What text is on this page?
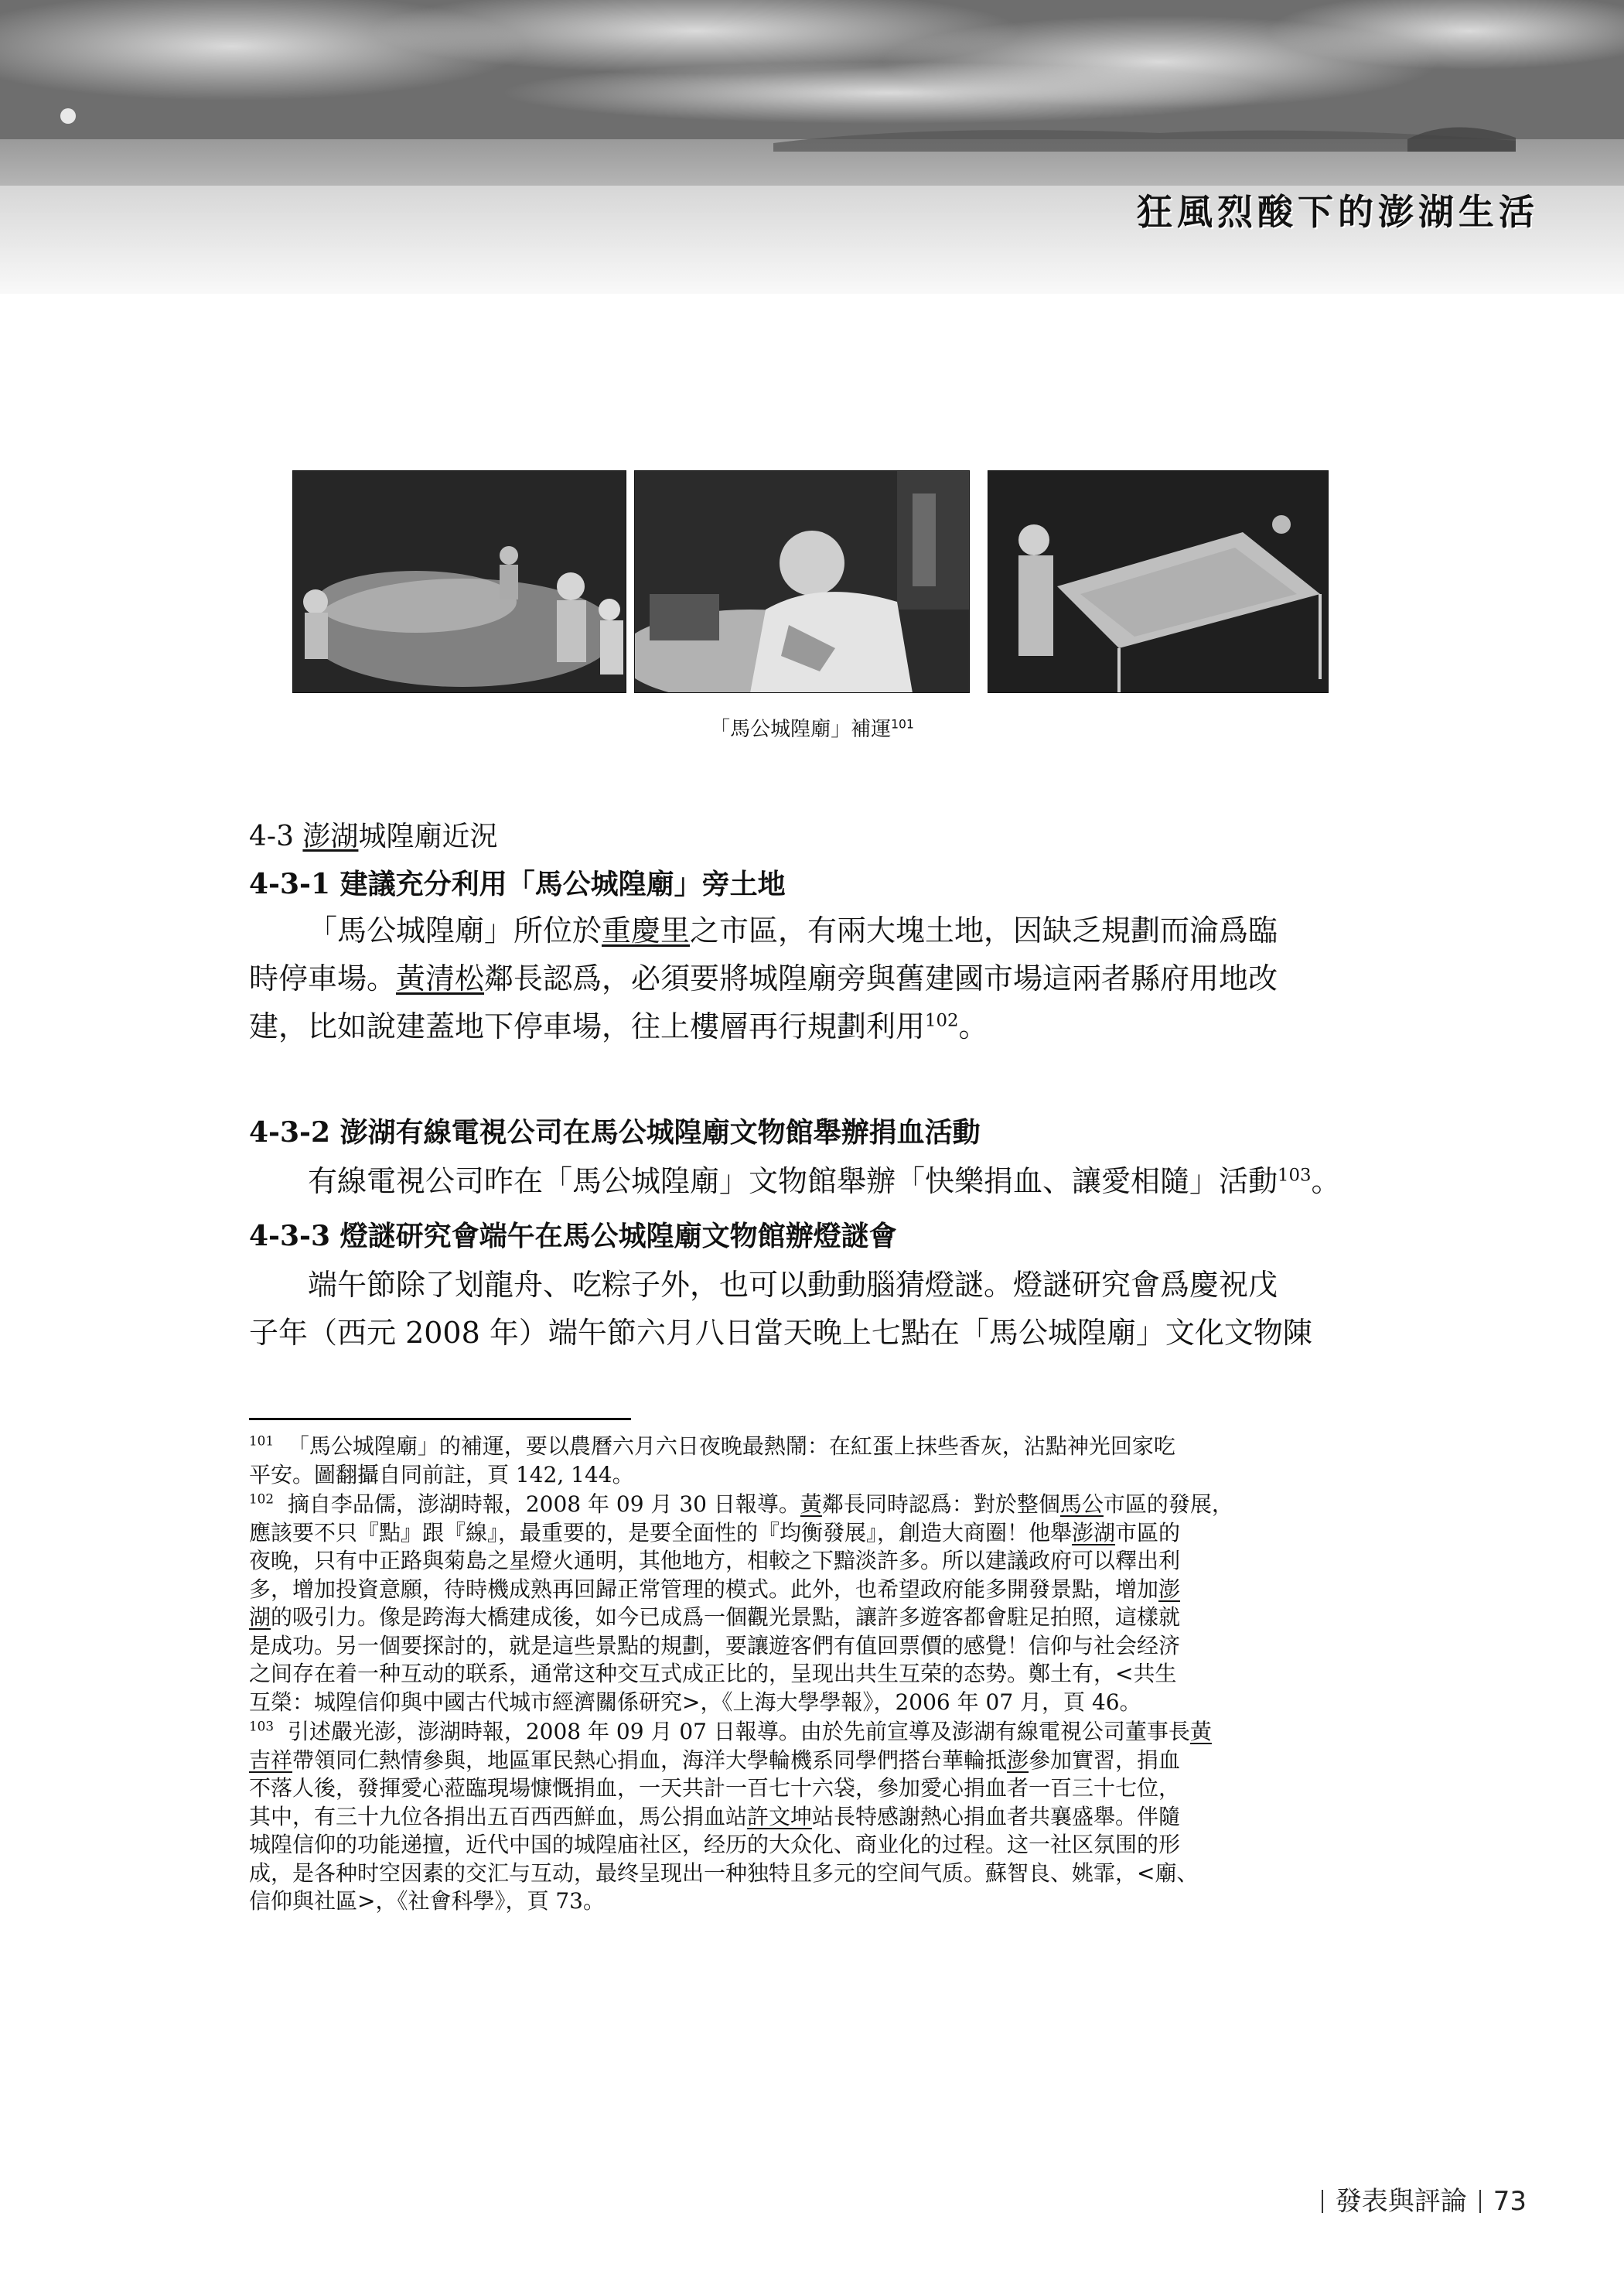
狂風烈酸下的澎湖生活
「馬公城隍廟」補運$^{101}$
4-3 澎湖城隍廟近況
4-3-1 建議充分利用「馬公城隍廟」旁土地
「馬公城隍廟」所位於重慶里之市區，有兩大塊土地，因缺乏規劃而淪爲臨
時停車場。黃清松鄰長認爲，必須要將城隍廟旁與舊建國市場這兩者縣府用地改
建，比如說建蓋地下停車場，往上樓層再行規劃利用$^{102}$。
4-3-2 澎湖有線電視公司在馬公城隍廟文物館舉辦捐血活動
有線電視公司昨在「馬公城隍廟」文物館舉辦「快樂捐血、讓愛相隨」活動$^{103}$。
4-3-3 燈謎研究會端午在馬公城隍廟文物館辦燈謎會
端午節除了划龍舟、吃粽子外，也可以動動腦猜燈謎。燈謎研究會爲慶祝戊
子年（西元 2008 年）端午節六月八日當天晚上七點在「馬公城隍廟」文化文物陳
$^{101}$ 「馬公城隍廟」的補運，要以農曆六月六日夜晚最熱鬧：在紅蛋上抹些香灰，沾點神光回家吃
平安。圖翻攝自同前註，頁 142, 144。
$^{102}$ 摘自李品儒，澎湖時報，2008 年 09 月 30 日報導。黃鄰長同時認爲：對於整個馬公市區的發展，
應該要不只『點』跟『線』，最重要的，是要全面性的『均衡發展』，創造大商圈！他舉澎湖市區的
夜晚，只有中正路與菊島之星燈火通明，其他地方，相較之下黯淡許多。所以建議政府可以釋出利
多，增加投資意願，待時機成熟再回歸正常管理的模式。此外，也希望政府能多開發景點，增加澎
湖的吸引力。像是跨海大橋建成後，如今已成爲一個觀光景點，讓許多遊客都會駐足拍照，這樣就
是成功。另一個要探討的，就是這些景點的規劃，要讓遊客們有值回票價的感覺！信仰与社会经济
之间存在着一种互动的联系，通常这种交互式成正比的，呈现出共生互荣的态势。鄭土有，<共生
互榮：城隍信仰與中國古代城市經濟關係研究>，《上海大學學報》，2006 年 07 月，頁 46。
$^{103}$ 引述嚴光澎，澎湖時報，2008 年 09 月 07 日報導。由於先前宣導及澎湖有線電視公司董事長黃
吉祥帶領同仁熱情參與，地區軍民熱心捐血，海洋大學輪機系同學們搭台華輪抵澎參加實習，捐血
不落人後，發揮愛心蒞臨現場慷慨捐血，一天共計一百七十六袋，參加愛心捐血者一百三十七位，
其中，有三十九位各捐出五百西西鮮血，馬公捐血站許文坤站長特感謝熱心捐血者共襄盛舉。伴隨
城隍信仰的功能递擅，近代中国的城隍庙社区，经历的大众化、商业化的过程。这一社区氛围的形
成，是各种时空因素的交汇与互动，最终呈现出一种独特且多元的空间气质。蘇智良、姚霏，<廟、
信仰與社區>，《社會科學》，頁 73。
發表與評論 73
